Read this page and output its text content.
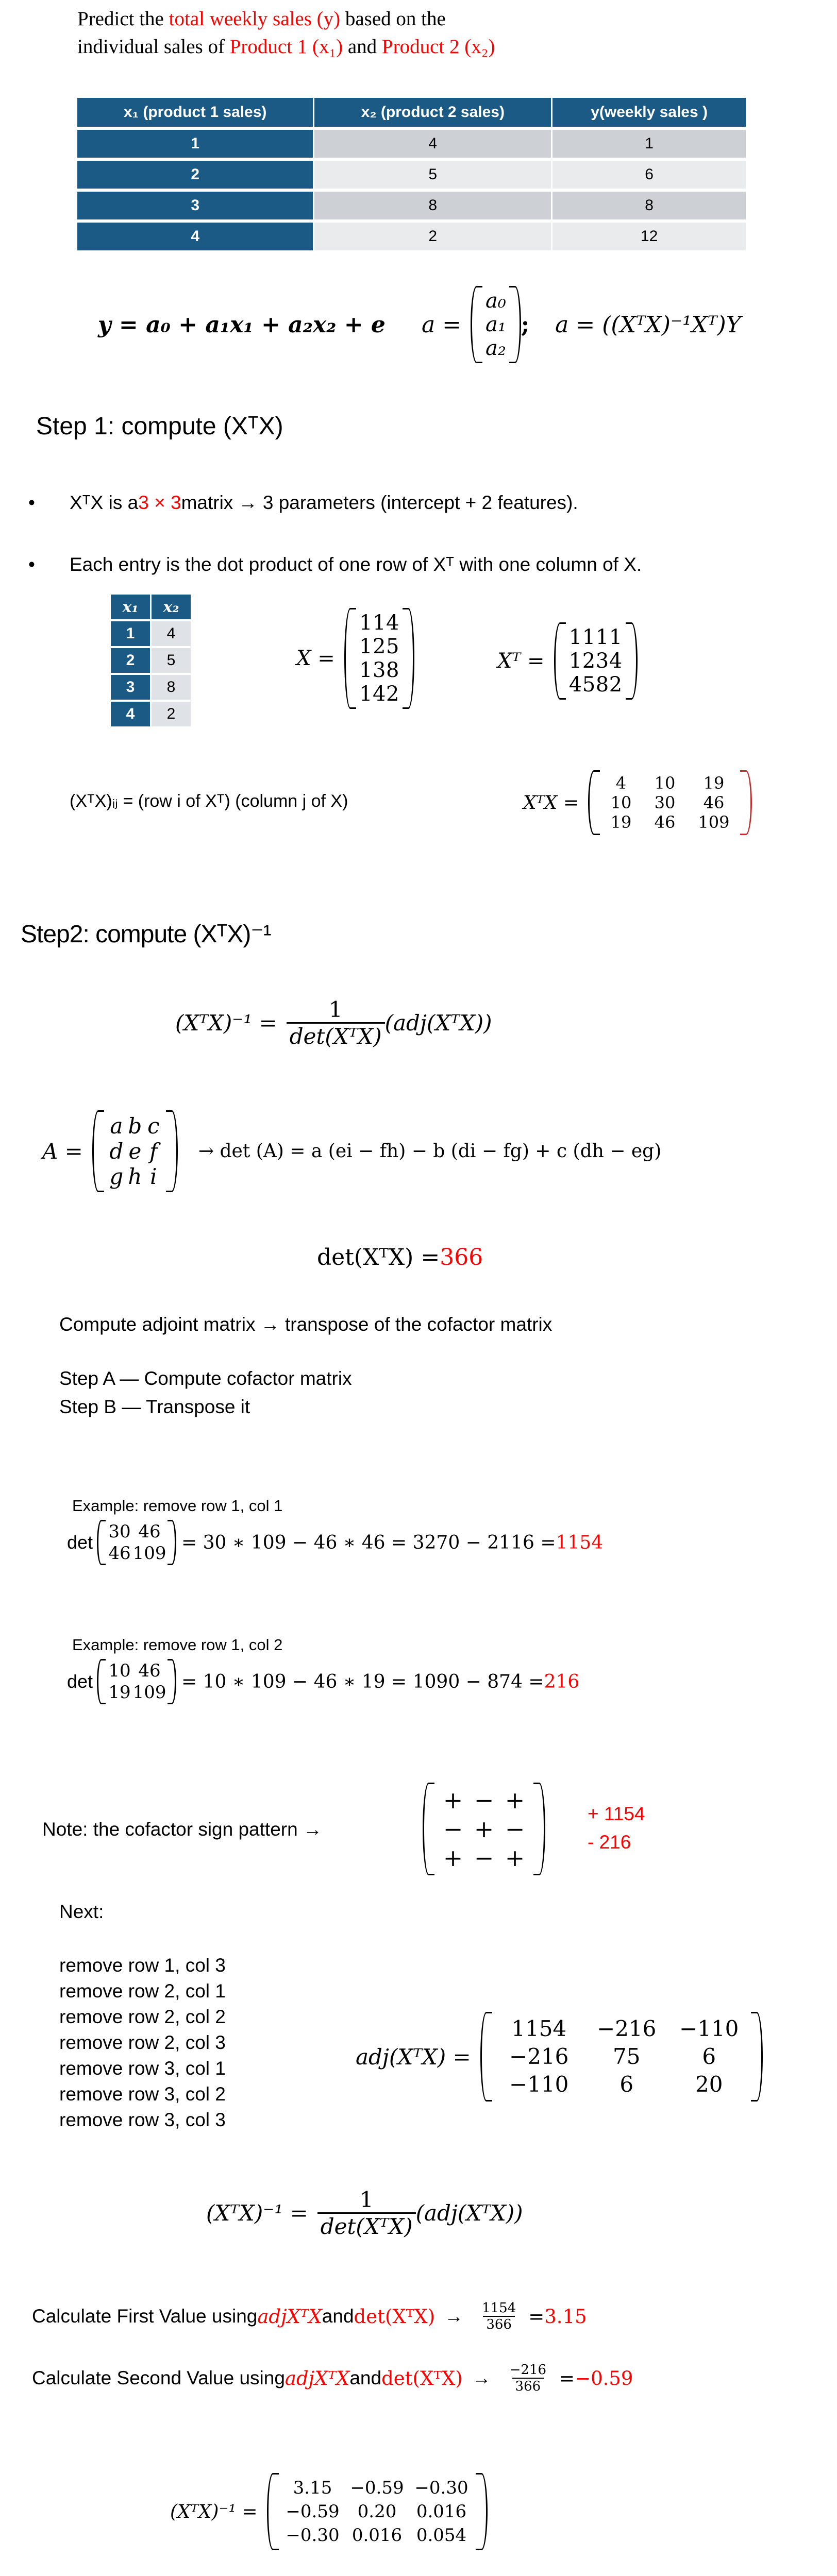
Predict the total weekly sales (y) based on the
individual sales of Product 1 (x₁) and Product 2 (x₂)
x₁ (product 1 sales)	x₂ (product 2 sales)	y(weekly sales )
1	4	1
2	5	6
3	8	8
4	2	12
y = a₀ + a₁x₁ + a₂x₂ + e a =
a₀
a₁
a₂
; a = ((XᵀX)⁻¹Xᵀ)Y
Step 1: compute (XᵀX)
•	XᵀX is a 3 × 3 matrix → 3 parameters (intercept + 2 features).
•	Each entry is the dot product of one row of Xᵀ with one column of X.
x₁	x₂
1	4
2	5
3	8
4	2
X =
1 1 4
1 2 5
1 3 8
1 4 2
Xᵀ =
1 1 1 1
1 2 3 4
4 5 8 2
(XᵀX)ᵢⱼ = (row i of Xᵀ) (column j of X)	XᵀX =
4	10	19
10	30	46
19	46	109
Step2: compute (XᵀX)⁻¹
(XᵀX)⁻¹ = $\frac{1}{\text{det(XᵀX)}}$ (adj(XᵀX))
A =
a b c
d e f
g h i
→ det (A) = a (ei − fh) − b (di − fg) + c (dh − eg)
det(XᵀX) = 366
Compute adjoint matrix → transpose of the cofactor matrix
Step A — Compute cofactor matrix
Step B — Transpose it
Example: remove row 1, col 1
det 30 46
46 109
= 30 ∗ 109 − 46 ∗ 46 = 3270 − 2116 = 1154
Example: remove row 1, col 2
det 10 46
19 109
= 10 ∗ 109 − 46 ∗ 19 = 1090 − 874 = 216
Note: the cofactor sign pattern →
+ − +
− + −
+ − +
+ 1154
- 216
Next:
remove row 1, col 3
remove row 2, col 1
remove row 2, col 2
remove row 2, col 3
remove row 3, col 1
remove row 3, col 2
remove row 3, col 3
adj(XᵀX) =
1154	−216	−110
−216	75	6
−110	6	20
(XᵀX)⁻¹ = $\frac{1}{\text{det(XᵀX)}}$ (adj(XᵀX))
Calculate First Value using adjXᵀX and det(XᵀX) → $\frac{1154}{366} = 3.15$
Calculate Second Value using adjXᵀX and det(XᵀX) → $\frac{-216}{366} = -0.59$
(XᵀX)⁻¹ =
3.15	−0.59 −0.30
−0.59	0.20	0.016
−0.30 0.016 0.054
